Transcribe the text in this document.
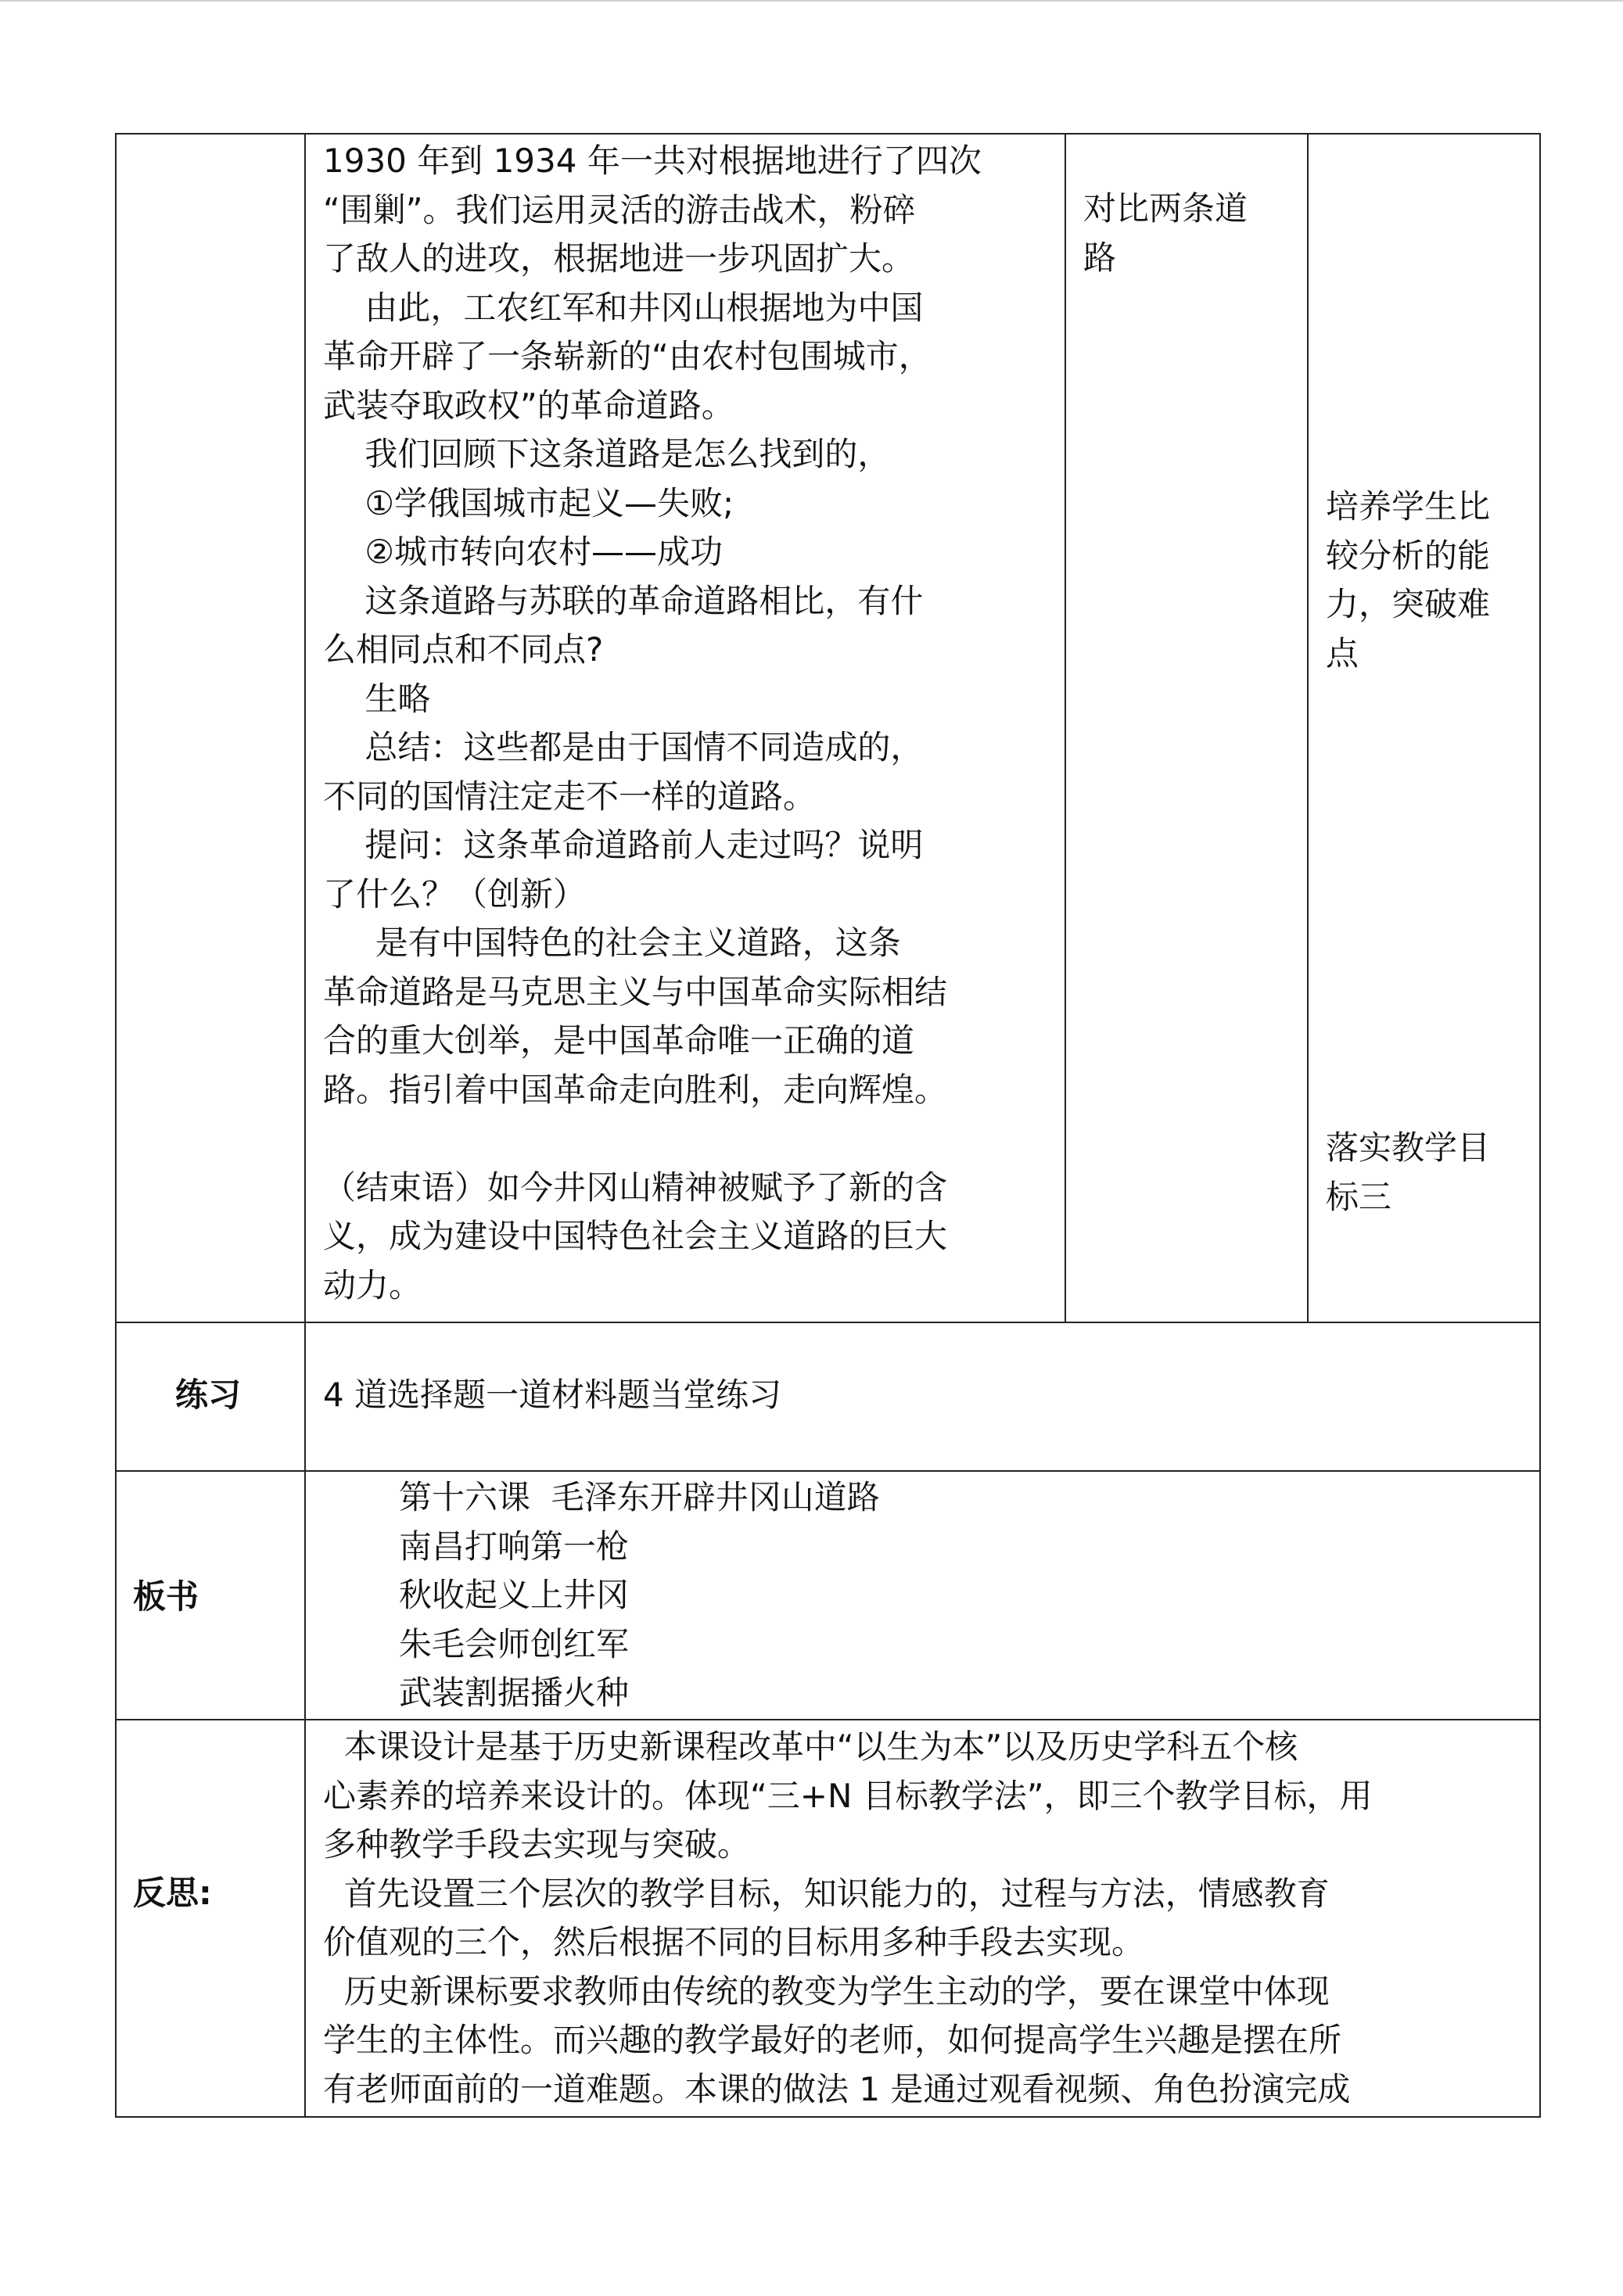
1930 年到 1934 年一共对根据地进行了四次
“围剿”。我们运用灵活的游击战术，粉碎
了敌人的进攻，根据地进一步巩固扩大。
由此，工农红军和井冈山根据地为中国
革命开辟了一条崭新的“由农村包围城市，
武装夺取政权”的革命道路。
我们回顾下这条道路是怎么找到的，
①学俄国城市起义—失败;
②城市转向农村——成功
这条道路与苏联的革命道路相比，有什
么相同点和不同点?
生略
总结：这些都是由于国情不同造成的，
不同的国情注定走不一样的道路。
提问：这条革命道路前人走过吗？说明
了什么？（创新）
是有中国特色的社会主义道路，这条
革命道路是马克思主义与中国革命实际相结
合的重大创举，是中国革命唯一正确的道
路。指引着中国革命走向胜利，走向辉煌。
（结束语）如今井冈山精神被赋予了新的含
义，成为建设中国特色社会主义道路的巨大
动力。
对比两条道
路
培养学生比
较分析的能
力，突破难
点
落实教学目
标三
练习 4 道选择题一道材料题当堂练习
板书
第十六课  毛泽东开辟井冈山道路
南昌打响第一枪
秋收起义上井冈
朱毛会师创红军
武装割据播火种
反思:
本课设计是基于历史新课程改革中“以生为本”以及历史学科五个核
心素养的培养来设计的。体现“三+N 目标教学法”，即三个教学目标，用
多种教学手段去实现与突破。
首先设置三个层次的教学目标，知识能力的，过程与方法，情感教育
价值观的三个，然后根据不同的目标用多种手段去实现。
历史新课标要求教师由传统的教变为学生主动的学，要在课堂中体现
学生的主体性。而兴趣的教学最好的老师，如何提高学生兴趣是摆在所
有老师面前的一道难题。本课的做法 1 是通过观看视频、角色扮演完成
